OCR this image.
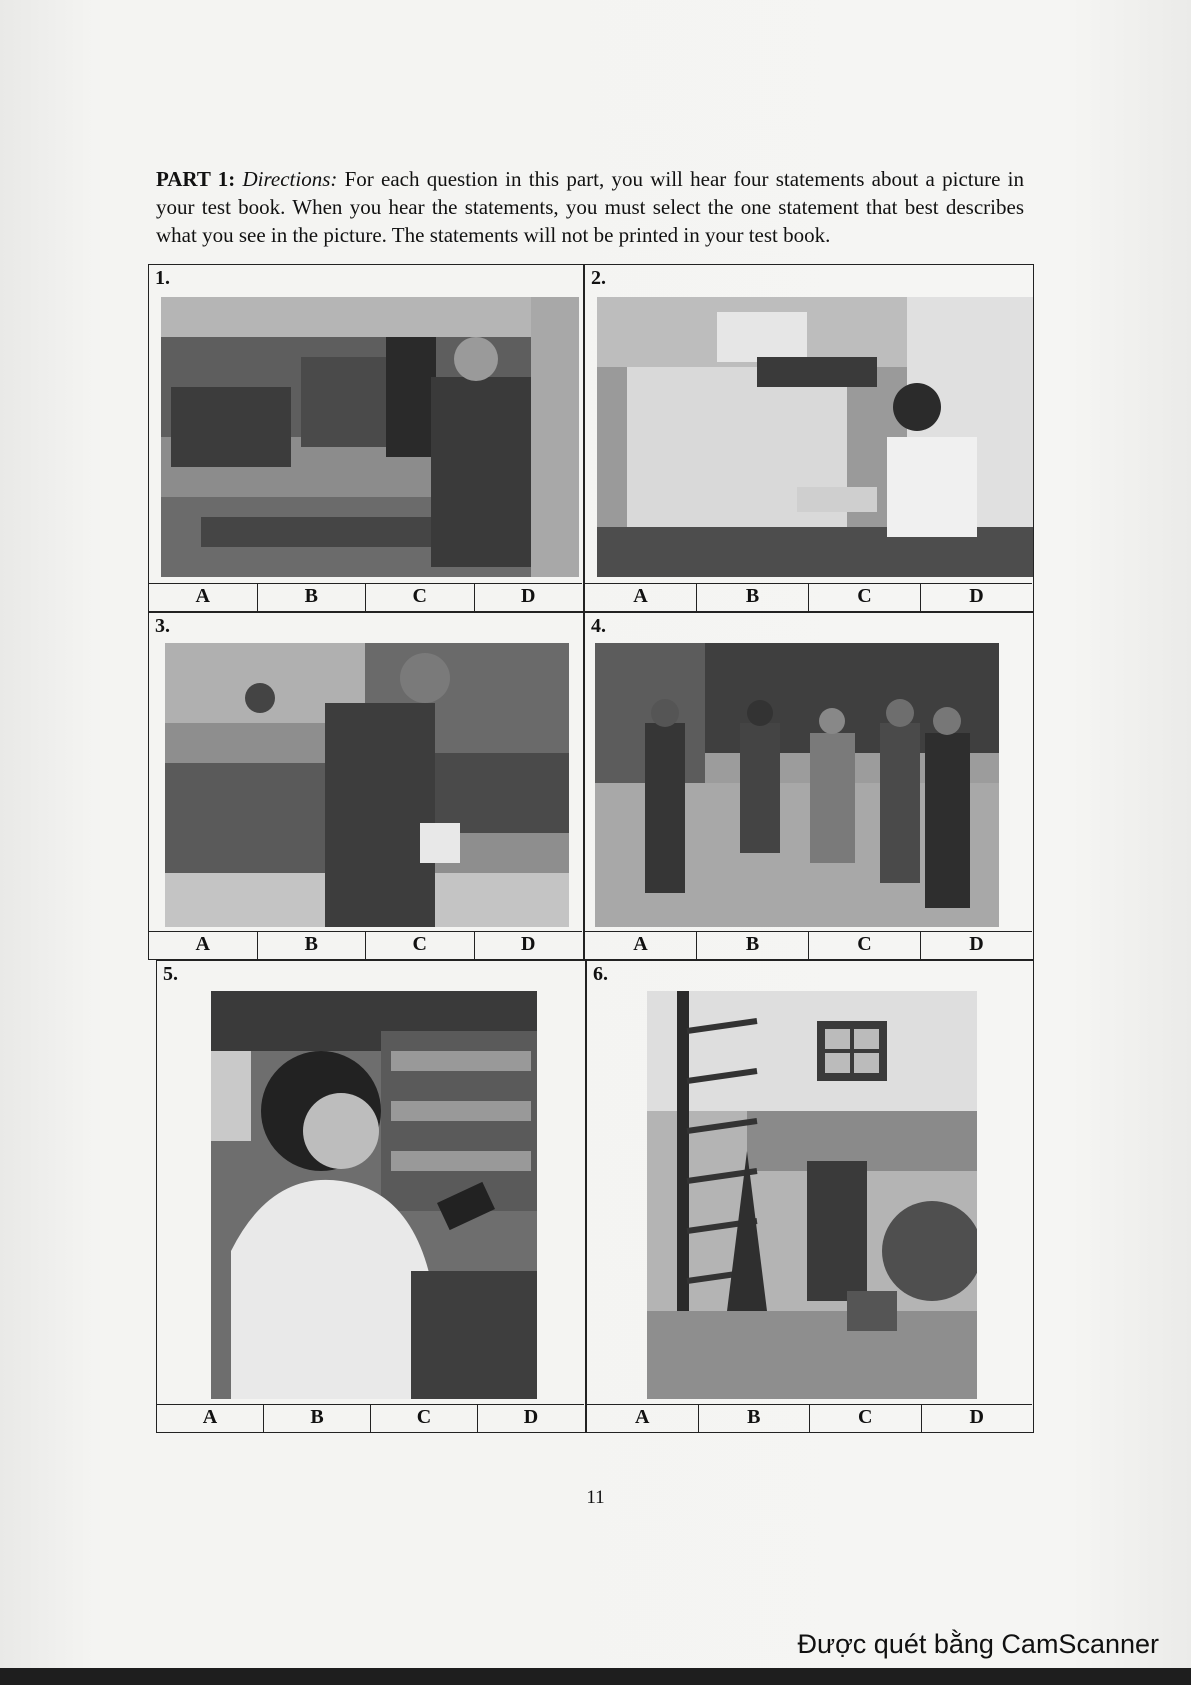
PART 1: Directions: For each question in this part, you will hear four statements about a picture in your test book. When you hear the statements, you must select the one statement that best describes what you see in the picture. The statements will not be printed in your test book.
1.
A	B	C	D
2.
A	B	C	D
3.
A	B	C	D
4.
A	B	C	D
5.
A	B	C	D
6.
A	B	C	D
11
Được quét bằng CamScanner
